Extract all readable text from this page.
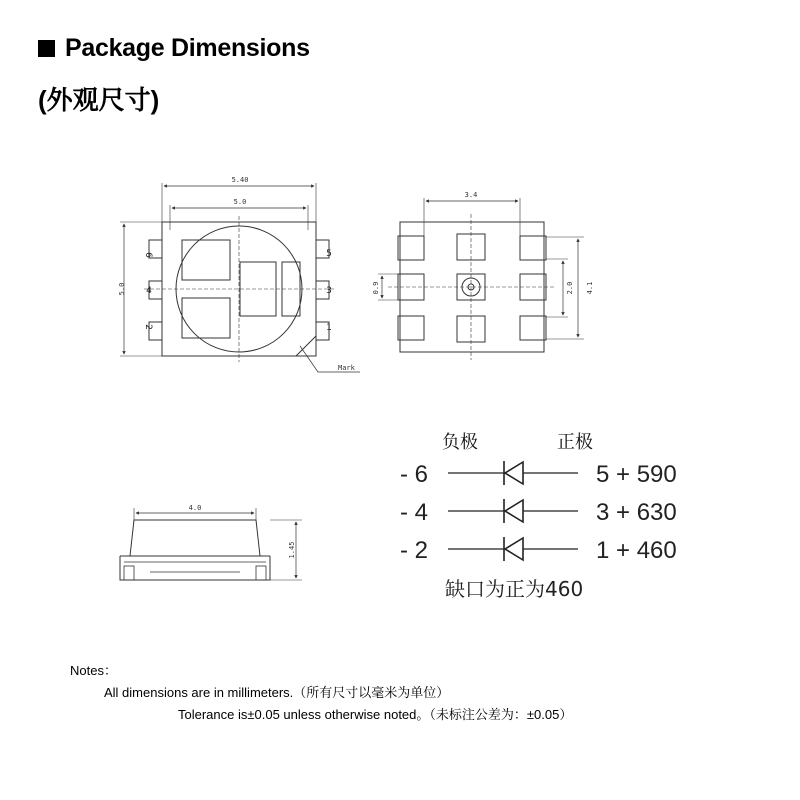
Package Dimensions
(外观尺寸)
5.40
5.0
5.0
6
4
2
5
3
1
Mark
3.4
4.1
2.0
0.9
4.0
1.45
负极	正极
- 6	5 + 590
- 4	3 + 630
- 2	1 + 460
缺口为正为460
Notes：
All dimensions are in millimeters.（所有尺寸以毫米为单位）
Tolerance is±0.05 unless otherwise noted。（未标注公差为：±0.05）
